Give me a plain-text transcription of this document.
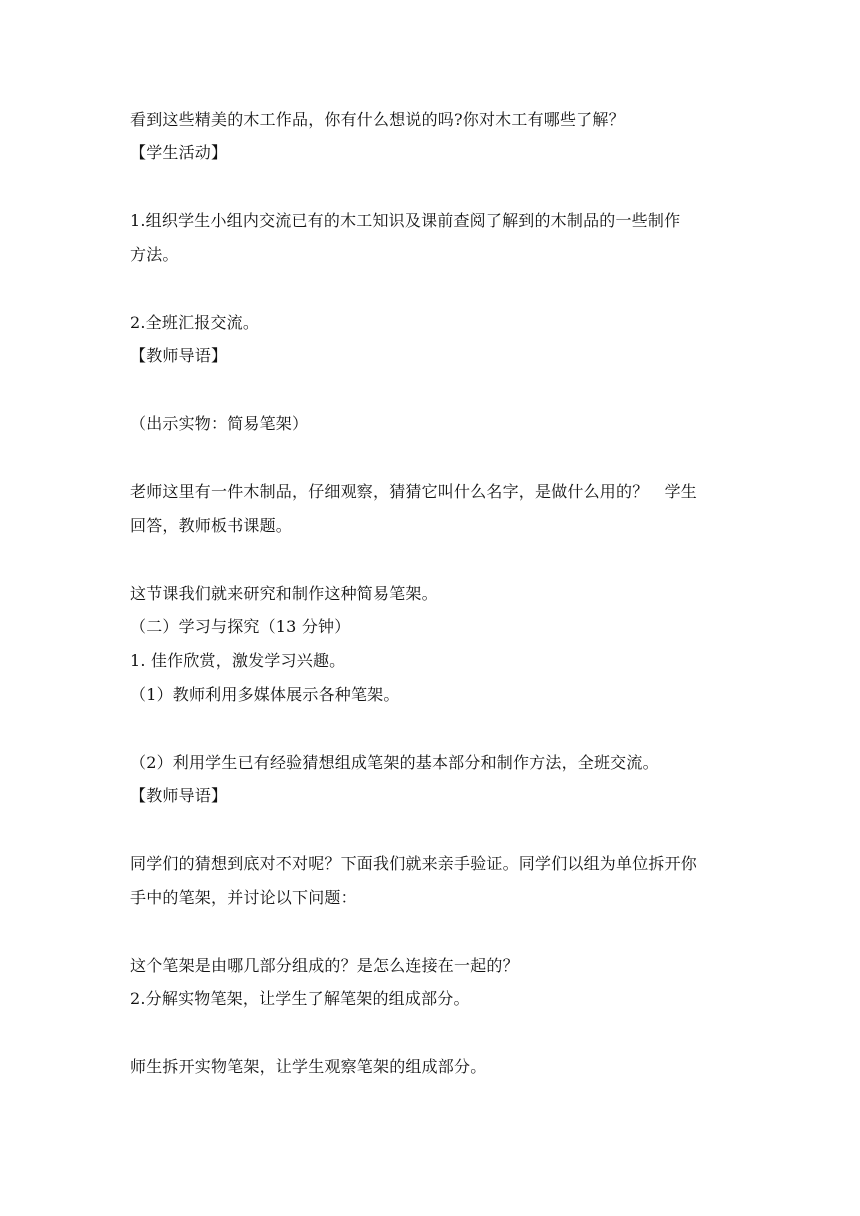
看到这些精美的木工作品，你有什么想说的吗?你对木工有哪些了解？
【学生活动】
1.组织学生小组内交流已有的木工知识及课前查阅了解到的木制品的一些制作
方法。
2.全班汇报交流。
【教师导语】
（出示实物：简易笔架）
老师这里有一件木制品，仔细观察，猜猜它叫什么名字，是做什么用的？　学生
回答，教师板书课题。
这节课我们就来研究和制作这种简易笔架。
（二）学习与探究（13 分钟）
1. 佳作欣赏，激发学习兴趣。
（1）教师利用多媒体展示各种笔架。
（2）利用学生已有经验猜想组成笔架的基本部分和制作方法，全班交流。
【教师导语】
同学们的猜想到底对不对呢？下面我们就来亲手验证。同学们以组为单位拆开你
手中的笔架，并讨论以下问题：
这个笔架是由哪几部分组成的？是怎么连接在一起的？
2.分解实物笔架，让学生了解笔架的组成部分。
师生拆开实物笔架，让学生观察笔架的组成部分。
